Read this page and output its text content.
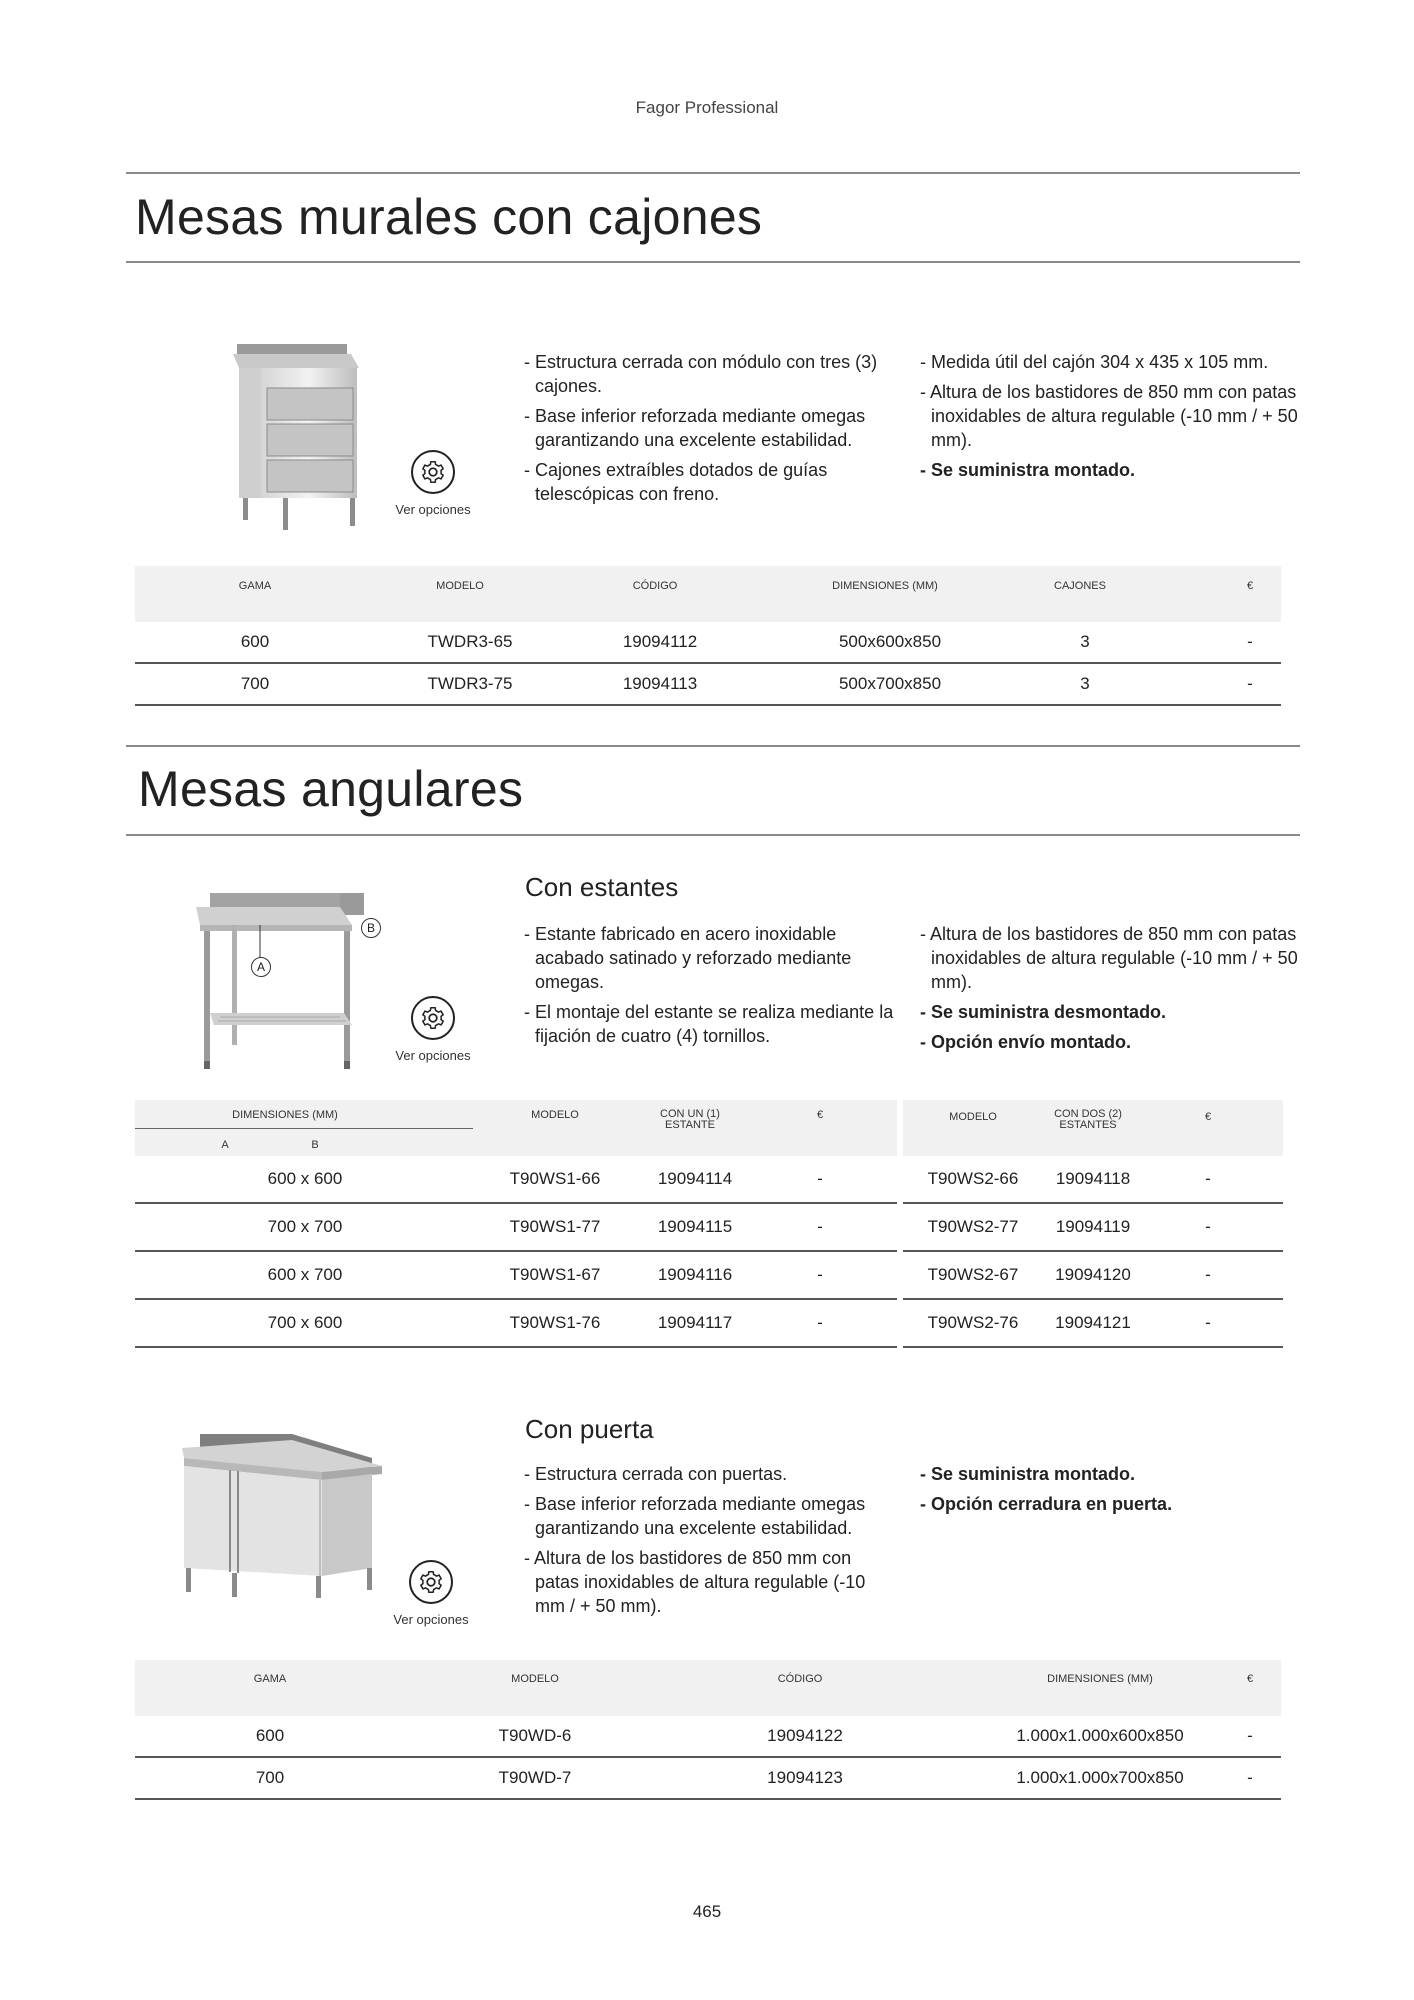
Fagor Professional
Mesas murales con cajones
Ver opciones
- Estructura cerrada con módulo con tres (3) cajones.
- Base inferior reforzada mediante omegas garantizando una excelente estabilidad.
- Cajones extraíbles dotados de guías telescópicas con freno.
- Medida útil del cajón 304 x 435 x 105 mm.
- Altura de los bastidores de 850 mm con patas inoxidables de altura regulable (-10 mm / + 50 mm).
- Se suministra montado.
GAMA	MODELO	CÓDIGO	DIMENSIONES (MM)	CAJONES	€
600	TWDR3-65	19094112	500x600x850	3	-
700	TWDR3-75	19094113	500x700x850	3	-
Mesas angulares
A
B
Ver opciones
Con estantes
- Estante fabricado en acero inoxidable acabado satinado y reforzado mediante omegas.
- El montaje del estante se realiza mediante la fijación de cuatro (4) tornillos.
- Altura de los bastidores de 850 mm con patas inoxidables de altura regulable (-10 mm / + 50 mm).
- Se suministra desmontado.
- Opción envío montado.
DIMENSIONES (MM)
A	B
MODELO	CON UN (1)
ESTANTE
€	MODELO	CON DOS (2)
ESTANTES
€
600 x 600	T90WS1-66	19094114	-	T90WS2-66	19094118	-
700 x 700	T90WS1-77	19094115	-	T90WS2-77	19094119	-
600 x 700	T90WS1-67	19094116	-	T90WS2-67	19094120	-
700 x 600	T90WS1-76	19094117	-	T90WS2-76	19094121	-
Ver opciones
Con puerta
- Estructura cerrada con puertas.
- Base inferior reforzada mediante omegas garantizando una excelente estabilidad.
- Altura de los bastidores de 850 mm con patas inoxidables de altura regulable (-10 mm / + 50 mm).
- Se suministra montado.
- Opción cerradura en puerta.
GAMA	MODELO	CÓDIGO	DIMENSIONES (MM)	€
600	T90WD-6	19094122	1.000x1.000x600x850	-
700	T90WD-7	19094123	1.000x1.000x700x850	-
465
